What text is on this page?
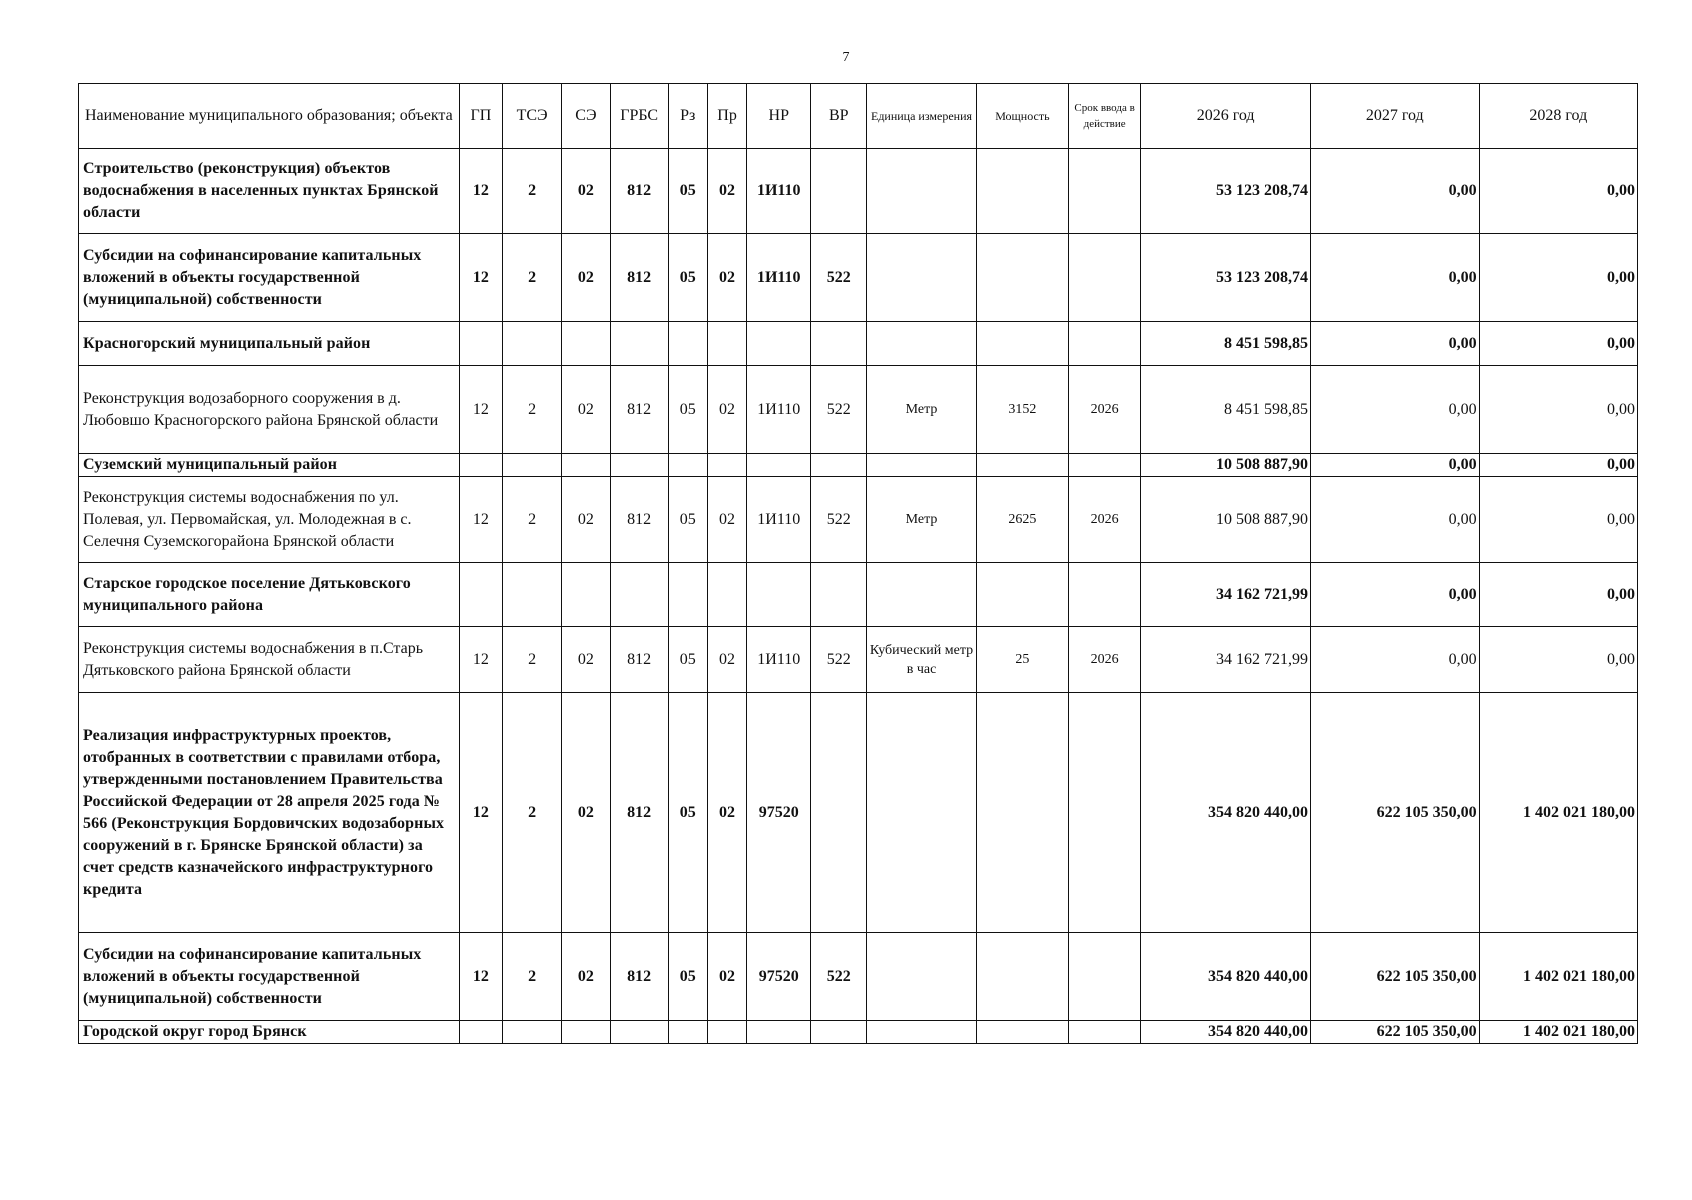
7
Наименование муниципального образования; объекта	ГП	ТСЭ	СЭ	ГРБС	Рз	Пр	НР	ВР	Единица измерения	Мощность	Срок ввода в действие	2026 год	2027 год	2028 год
Строительство (реконструкция) объектов водоснабжения в населенных пунктах Брянской области	12	2	02	812	05	02	1И110					53 123 208,74	0,00	0,00
Субсидии на софинансирование капитальных вложений в объекты государственной (муниципальной) собственности	12	2	02	812	05	02	1И110	522				53 123 208,74	0,00	0,00
Красногорский муниципальный район												8 451 598,85	0,00	0,00
Реконструкция водозаборного сооружения в д. Любовшо Красногорского района Брянской области	12	2	02	812	05	02	1И110	522	Метр	3152	2026	8 451 598,85	0,00	0,00
Суземский муниципальный район												10 508 887,90	0,00	0,00
Реконструкция системы водоснабжения по ул. Полевая, ул. Первомайская, ул. Молодежная в с. Селечня Суземскогорайона Брянской области	12	2	02	812	05	02	1И110	522	Метр	2625	2026	10 508 887,90	0,00	0,00
Старское городское поселение Дятьковского муниципального района												34 162 721,99	0,00	0,00
Реконструкция системы водоснабжения в п.Старь Дятьковского района Брянской области	12	2	02	812	05	02	1И110	522	Кубический метр в час	25	2026	34 162 721,99	0,00	0,00
Реализация инфраструктурных проектов, отобранных в соответствии с правилами отбора, утвержденными постановлением Правительства Российской Федерации от 28 апреля 2025 года № 566 (Реконструкция Бордовичских водозаборных сооружений в г. Брянске Брянской области) за счет средств казначейского инфраструктурного кредита	12	2	02	812	05	02	97520					354 820 440,00	622 105 350,00	1 402 021 180,00
Субсидии на софинансирование капитальных вложений в объекты государственной (муниципальной) собственности	12	2	02	812	05	02	97520	522				354 820 440,00	622 105 350,00	1 402 021 180,00
Городской округ город Брянск												354 820 440,00	622 105 350,00	1 402 021 180,00
